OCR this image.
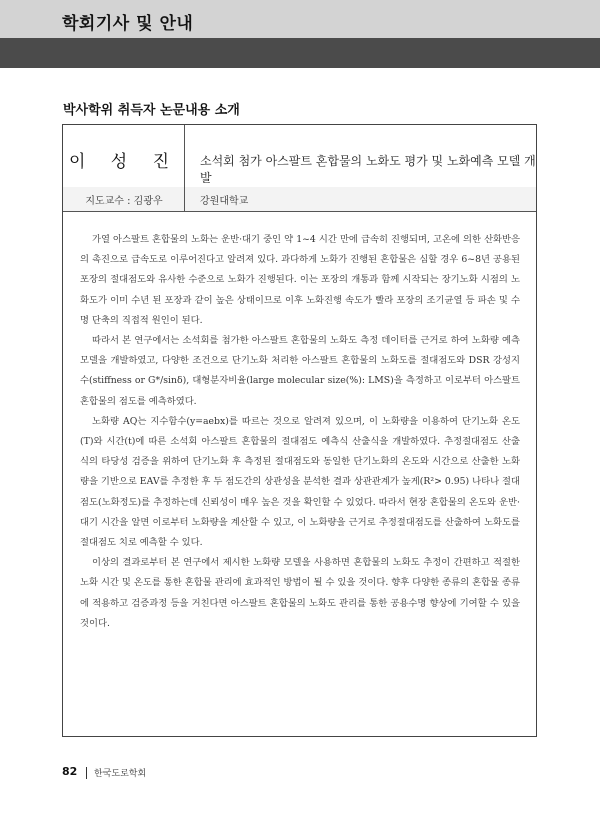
학회기사 및 안내
박사학위 취득자 논문내용 소개
박사학위 취득자 논문내용 소개
이 성 진	소석회 첨가 아스팔트 혼합물의 노화도 평가 및 노화예측 모델 개발
지도교수 : 김광우	강원대학교

가열 아스팔트 혼합물의 노화는 운반·대기 중인 약 1~4 시간 만에 급속히 진행되며, 고온에 의한 산화반응의 촉진으로 급속도로 이루어진다고 알려져 있다. 과다하게 노화가 진행된 혼합물은 심할 경우 6~8년 공용된 포장의 절대점도와 유사한 수준으로 노화가 진행된다. 이는 포장의 개통과 함께 시작되는 장기노화 시점의 노화도가 이미 수년 된 포장과 같이 높은 상태이므로 이후 노화진행 속도가 빨라 포장의 조기균열 등 파손 및 수명 단축의 직접적 원인이 된다.

따라서 본 연구에서는 소석회를 첨가한 아스팔트 혼합물의 노화도 측정 데이터를 근거로 하여 노화량 예측모델을 개발하였고, 다양한 조건으로 단기노화 처리한 아스팔트 혼합물의 노화도를 절대점도와 DSR 강성지수(stiffness or G*/sinδ), 대형분자비율(large molecular size(%): LMS)을 측정하고 이로부터 아스팔트 혼합물의 점도를 예측하였다.

노화량 AQ는 지수함수(y=aebx)를 따르는 것으로 알려져 있으며, 이 노화량을 이용하여 단기노화 온도(T)와 시간(t)에 따른 소석회 아스팔트 혼합물의 절대점도 예측식 산출식을 개발하였다. 추정절대점도 산출 식의 타당성 검증을 위하여 단기노화 후 측정된 절대점도와 동일한 단기노화의 온도와 시간으로 산출한 노화량을 기반으로 EAV를 추정한 후 두 점도간의 상관성을 분석한 결과 상관관계가 높게(R²> 0.95) 나타나 절대점도(노화정도)를 추정하는데 신뢰성이 매우 높은 것을 확인할 수 있었다. 따라서 현장 혼합물의 온도와 운반·대기 시간을 알면 이로부터 노화량을 계산할 수 있고, 이 노화량을 근거로 추정절대점도를 산출하여 노화도를 절대점도 치로 예측할 수 있다.

이상의 결과로부터 본 연구에서 제시한 노화량 모델을 사용하면 혼합물의 노화도 추정이 간편하고 적절한 노화 시간 및 온도를 통한 혼합물 관리에 효과적인 방법이 될 수 있을 것이다. 향후 다양한 종류의 혼합물 종류에 적용하고 검증과정 등을 거친다면 아스팔트 혼합물의 노화도 관리를 통한 공용수명 향상에 기여할 수 있을 것이다.

82 한국도로학회
